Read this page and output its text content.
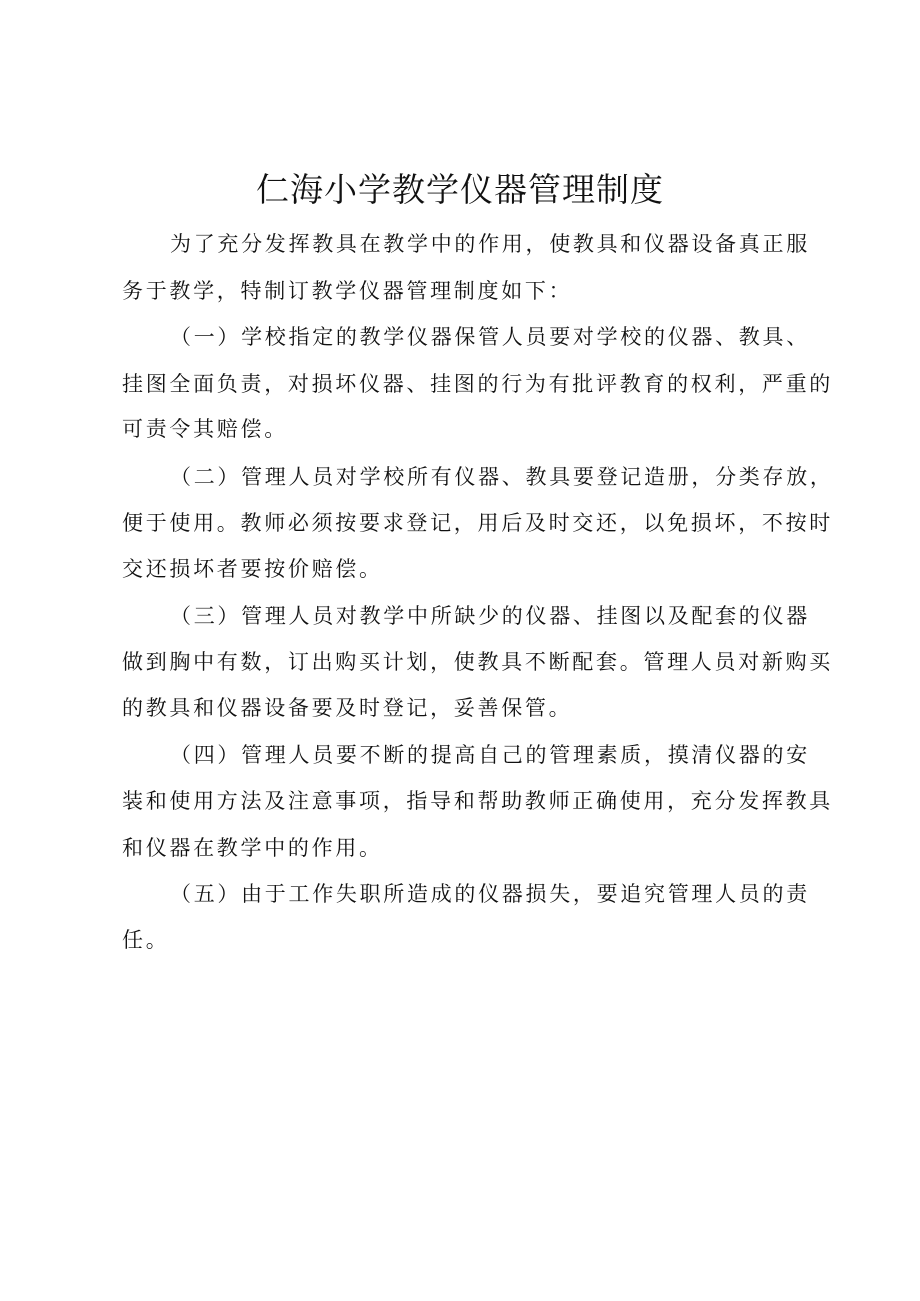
仁海小学教学仪器管理制度
为了充分发挥教具在教学中的作用，使教具和仪器设备真正服
务于教学，特制订教学仪器管理制度如下：
（一）学校指定的教学仪器保管人员要对学校的仪器、教具、
挂图全面负责，对损坏仪器、挂图的行为有批评教育的权利，严重的
可责令其赔偿。
（二）管理人员对学校所有仪器、教具要登记造册，分类存放，
便于使用。教师必须按要求登记，用后及时交还，以免损坏，不按时
交还损坏者要按价赔偿。
（三）管理人员对教学中所缺少的仪器、挂图以及配套的仪器
做到胸中有数，订出购买计划，使教具不断配套。管理人员对新购买
的教具和仪器设备要及时登记，妥善保管。
（四）管理人员要不断的提高自己的管理素质，摸清仪器的安
装和使用方法及注意事项，指导和帮助教师正确使用，充分发挥教具
和仪器在教学中的作用。
（五）由于工作失职所造成的仪器损失，要追究管理人员的责
任。
